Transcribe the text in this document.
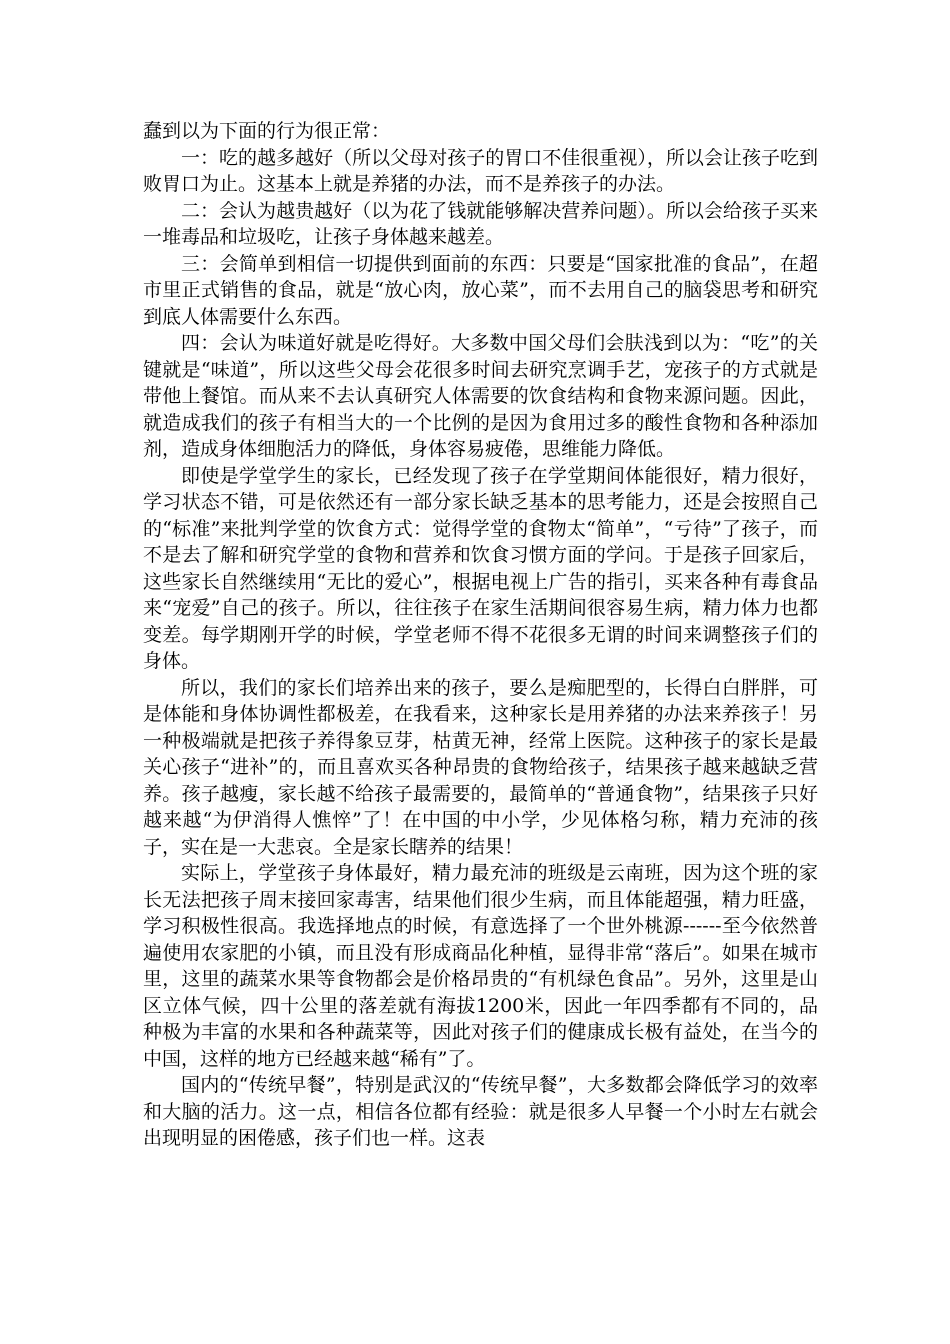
蠢到以为下面的行为很正常：

一：吃的越多越好（所以父母对孩子的胃口不佳很重视），所以会让孩子吃到败胃口为止。这基本上就是养猪的办法，而不是养孩子的办法。

二：会认为越贵越好（以为花了钱就能够解决营养问题）。所以会给孩子买来一堆毒品和垃圾吃，让孩子身体越来越差。

三：会简单到相信一切提供到面前的东西：只要是“国家批准的食品”，在超市里正式销售的食品，就是“放心肉，放心菜”，而不去用自己的脑袋思考和研究到底人体需要什么东西。

四：会认为味道好就是吃得好。大多数中国父母们会肤浅到以为：“吃”的关键就是“味道”，所以这些父母会花很多时间去研究烹调手艺，宠孩子的方式就是带他上餐馆。而从来不去认真研究人体需要的饮食结构和食物来源问题。因此，就造成我们的孩子有相当大的一个比例的是因为食用过多的酸性食物和各种添加剂，造成身体细胞活力的降低，身体容易疲倦，思维能力降低。

即使是学堂学生的家长，已经发现了孩子在学堂期间体能很好，精力很好，学习状态不错，可是依然还有一部分家长缺乏基本的思考能力，还是会按照自己的“标准”来批判学堂的饮食方式：觉得学堂的食物太“简单”，“亏待”了孩子，而不是去了解和研究学堂的食物和营养和饮食习惯方面的学问。于是孩子回家后，这些家长自然继续用“无比的爱心”，根据电视上广告的指引，买来各种有毒食品来“宠爱”自己的孩子。所以，往往孩子在家生活期间很容易生病，精力体力也都变差。每学期刚开学的时候，学堂老师不得不花很多无谓的时间来调整孩子们的身体。

所以，我们的家长们培养出来的孩子，要么是痴肥型的，长得白白胖胖，可是体能和身体协调性都极差，在我看来，这种家长是用养猪的办法来养孩子！另一种极端就是把孩子养得象豆芽，枯黄无神，经常上医院。这种孩子的家长是最关心孩子“进补”的，而且喜欢买各种昂贵的食物给孩子，结果孩子越来越缺乏营养。孩子越瘦，家长越不给孩子最需要的，最简单的“普通食物”，结果孩子只好越来越“为伊消得人憔悴”了！在中国的中小学，少见体格匀称，精力充沛的孩子，实在是一大悲哀。全是家长瞎养的结果！

实际上，学堂孩子身体最好，精力最充沛的班级是云南班，因为这个班的家长无法把孩子周末接回家毒害，结果他们很少生病，而且体能超强，精力旺盛，学习积极性很高。我选择地点的时候，有意选择了一个世外桃源------至今依然普遍使用农家肥的小镇，而且没有形成商品化种植，显得非常“落后”。如果在城市里，这里的蔬菜水果等食物都会是价格昂贵的“有机绿色食品”。另外，这里是山区立体气候，四十公里的落差就有海拔1200米，因此一年四季都有不同的，品种极为丰富的水果和各种蔬菜等，因此对孩子们的健康成长极有益处，在当今的中国，这样的地方已经越来越“稀有”了。

国内的“传统早餐”，特别是武汉的“传统早餐”，大多数都会降低学习的效率和大脑的活力。这一点，相信各位都有经验：就是很多人早餐一个小时左右就会出现明显的困倦感，孩子们也一样。这表
